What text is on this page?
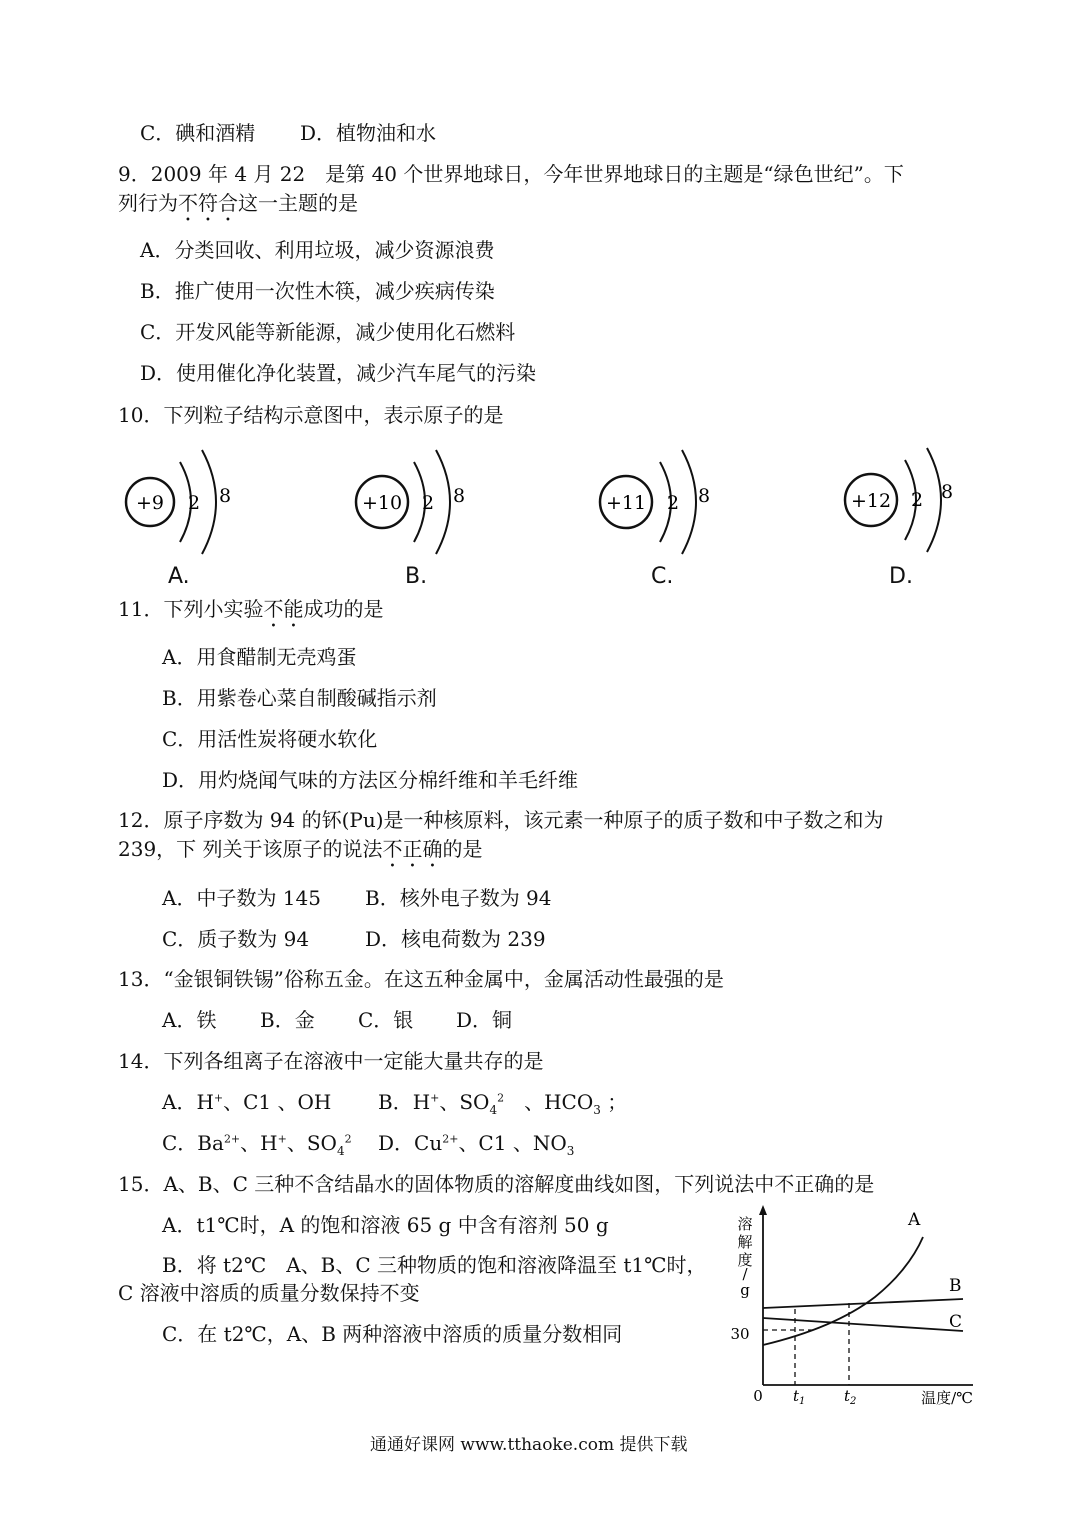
C．碘和酒精 D．植物油和水
9．2009 年 4 月 22　是第 40 个世界地球日，今年世界地球日的主题是“绿色世纪”。下
列行为不符合这一主题的是
A．分类回收、利用垃圾，减少资源浪费
B．推广使用一次性木筷，减少疾病传染
C．开发风能等新能源，减少使用化石燃料
D．使用催化净化装置，减少汽车尾气的污染
10．下列粒子结构示意图中，表示原子的是
+9 2 8	+10 2 8	+11 2 8	+12 2 8
A.	B.	C.	D.
11．下列小实验不能成功的是
A．用食醋制无壳鸡蛋
B．用紫卷心菜自制酸碱指示剂
C．用活性炭将硬水软化
D．用灼烧闻气味的方法区分棉纤维和羊毛纤维
12．原子序数为 94 的钚(Pu)是一种核原料，该元素一种原子的质子数和中子数之和为
239，下 列关于该原子的说法不正确的是
A．中子数为 145 B．核外电子数为 94
C．质子数为 94	D．核电荷数为 239
13．“金银铜铁锡”俗称五金。在这五种金属中，金属活动性最强的是
A．铁 B．金 C．银 D．铜
14．下列各组离子在溶液中一定能大量共存的是
A．H+、C1 、OH B．H+、$SO_4^2$　、$HCO_3$ ；
C．$Ba^{2+}$、H+、$SO_4^2$ D．$Cu^{2+}$、C1 、$NO_3$
15．A、B、C 三种不含结晶水的固体物质的溶解度曲线如图，下列说法中不正确的是
A．t1℃时，A 的饱和溶液 65 g 中含有溶剂 50 g
B．将 t2℃　A、B、C 三种物质的饱和溶液降温至 t1℃时，
C 溶液中溶质的质量分数保持不变
C．在 t2℃，A、B 两种溶液中溶质的质量分数相同
溶
解
度
/
g
30
0
A
B
C
$t_1$	$t_2$	温度/℃
通通好课网 www.tthaoke.com 提供下载
